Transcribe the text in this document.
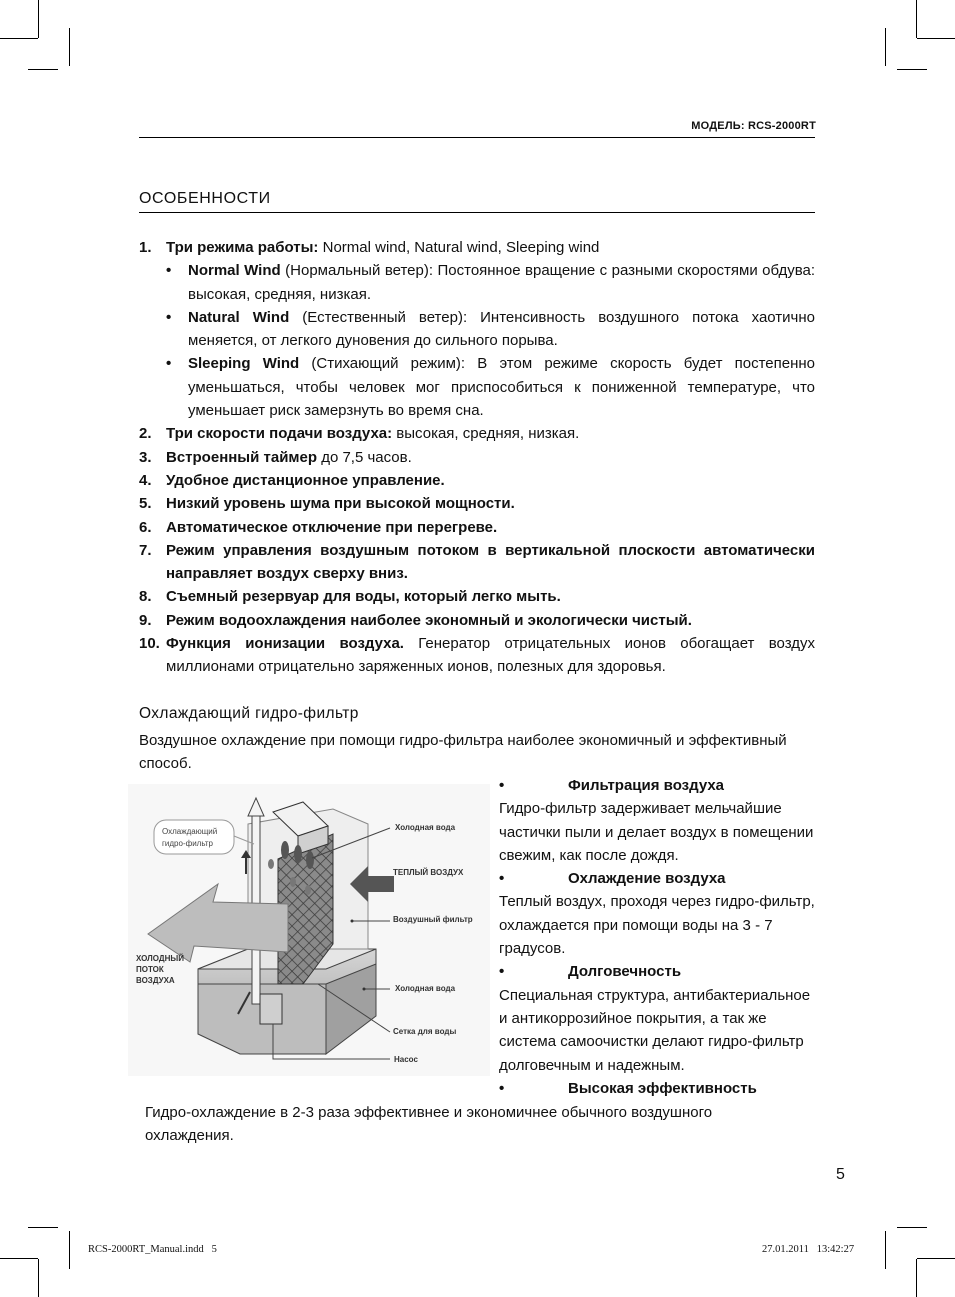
МОДЕЛЬ: RCS-2000RT
ОСОБЕННОСТИ
1. Три режима работы: Normal wind, Natural wind, Sleeping wind
• Normal Wind (Нормальный ветер): Постоянное вращение с разными скоростями обдува: высокая, средняя, низкая.
• Natural Wind (Естественный ветер): Интенсивность воздушного потока хаотично меняется, от легкого дуновения до сильного порыва.
• Sleeping Wind (Стихающий режим): В этом режиме скорость будет постепенно уменьшаться, чтобы человек мог приспособиться к пониженной температуре, что уменьшает риск замерзнуть во время сна.
2. Три скорости подачи воздуха: высокая, средняя, низкая.
3. Встроенный таймер до 7,5 часов.
4. Удобное дистанционное управление.
5. Низкий уровень шума при высокой мощности.
6. Автоматическое отключение при перегреве.
7. Режим управления воздушным потоком в вертикальной плоскости автоматически направляет воздух сверху вниз.
8. Съемный резервуар для воды, который легко мыть.
9. Режим водоохлаждения наиболее экономный и экологически чистый.
10. Функция ионизации воздуха. Генератор отрицательных ионов обогащает воздух миллионами отрицательно заряженных ионов, полезных для здоровья.
Охлаждающий гидро-фильтр
Воздушное охлаждение при помощи гидро-фильтра наиболее экономичный и эффективный способ.
Охлаждающий
гидро-фильтр
ХОЛОДНЫЙ
ПОТОК
ВОЗДУХА
Холодная вода
ТЕПЛЫЙ ВОЗДУХ
Воздушный фильтр
Холодная вода
Сетка для воды
Насос
•	Фильтрация воздуха
Гидро-фильтр задерживает мельчайшие частички пыли и делает воздух в помещении свежим, как после дождя.
•	Охлаждение воздуха
Теплый воздух, проходя через гидро-фильтр, охлаждается при помощи воды на 3 - 7 градусов.
•	Долговечность
Специальная структура, антибактериальное и антикоррозийное покрытия, а так же система самоочистки делают гидро-фильтр долговечным и надежным.
•	Высокая эффективность
Гидро-охлаждение в 2-3 раза эффективнее и экономичнее обычного воздушного охлаждения.
5
RCS-2000RT_Manual.indd   5	27.01.2011   13:42:27
